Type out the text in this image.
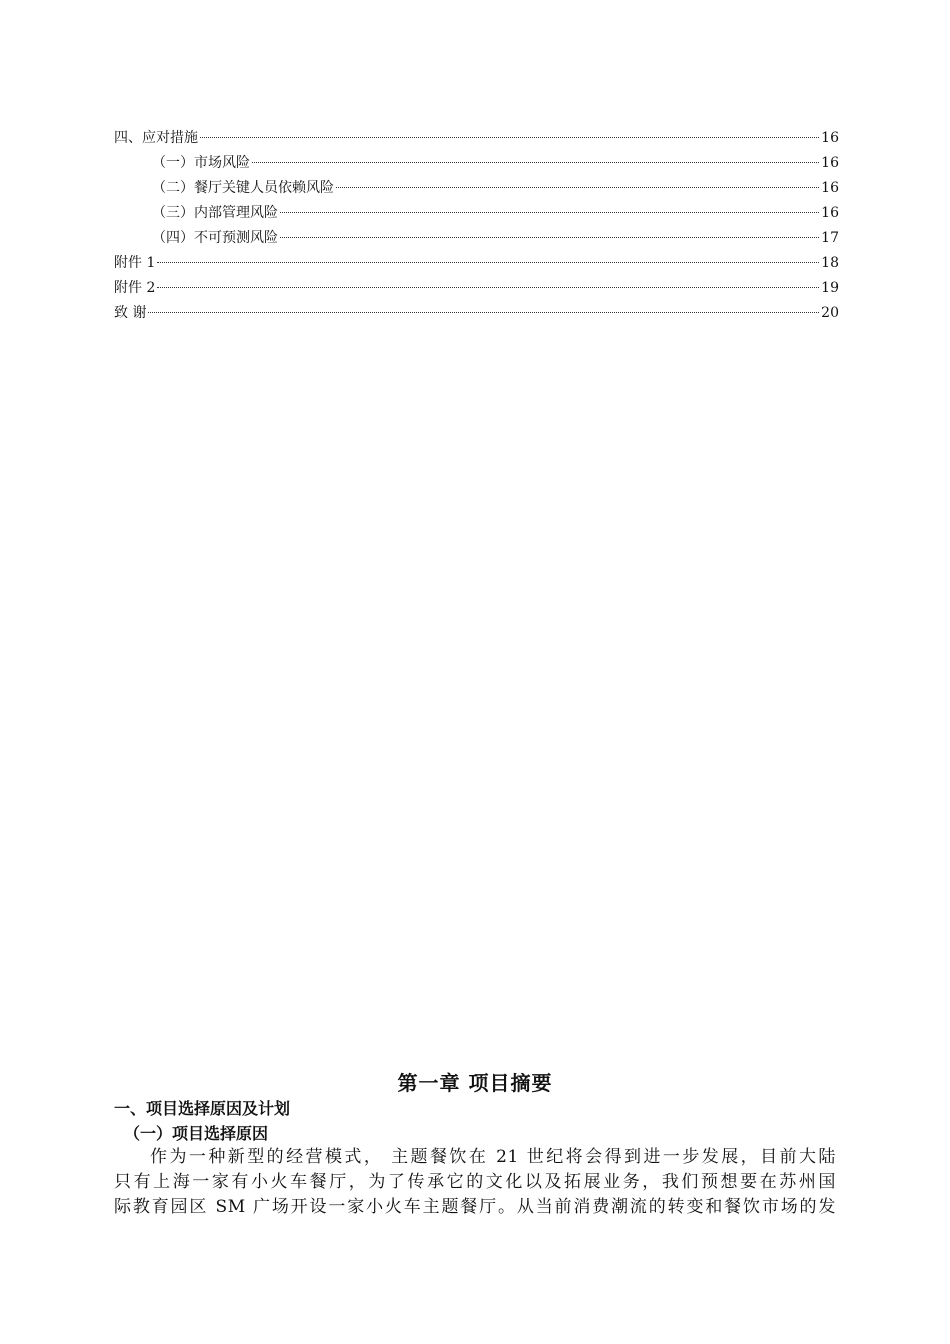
四、应对措施	16
（一）市场风险	16
（二）餐厅关键人员依赖风险	16
（三）内部管理风险	16
（四）不可预测风险	17
附件 1	18
附件 2	19
致 谢	20
第一章 项目摘要
一、项目选择原因及计划
（一）项目选择原因
作为一种新型的经营模式， 主题餐饮在 21 世纪将会得到进一步发展，目前大陆
只有上海一家有小火车餐厅，为了传承它的文化以及拓展业务，我们预想要在苏州国
际教育园区 SM 广场开设一家小火车主题餐厅。从当前消费潮流的转变和餐饮市场的发
